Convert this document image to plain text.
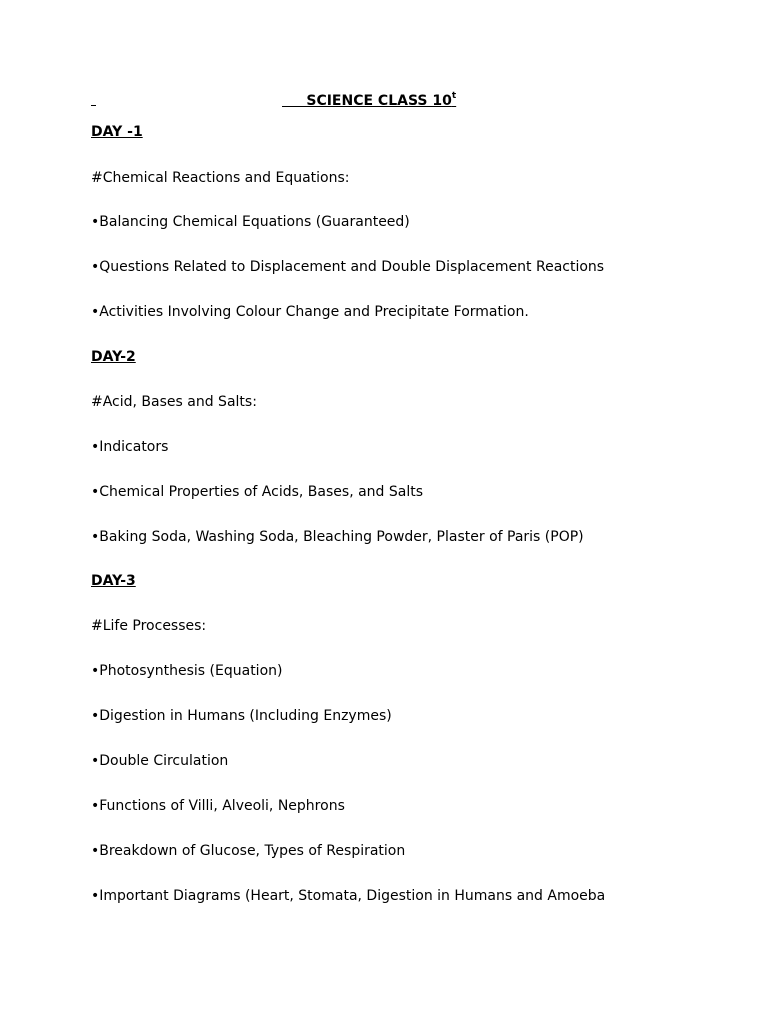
SCIENCE CLASS 10$^t$
DAY -1
#Chemical Reactions and Equations:
•Balancing Chemical Equations (Guaranteed)
•Questions Related to Displacement and Double Displacement Reactions
•Activities Involving Colour Change and Precipitate Formation.
DAY-2
#Acid, Bases and Salts:
•Indicators
•Chemical Properties of Acids, Bases, and Salts
•Baking Soda, Washing Soda, Bleaching Powder, Plaster of Paris (POP)
DAY-3
#Life Processes:
•Photosynthesis (Equation)
•Digestion in Humans (Including Enzymes)
•Double Circulation
•Functions of Villi, Alveoli, Nephrons
•Breakdown of Glucose, Types of Respiration
•Important Diagrams (Heart, Stomata, Digestion in Humans and Amoeba
